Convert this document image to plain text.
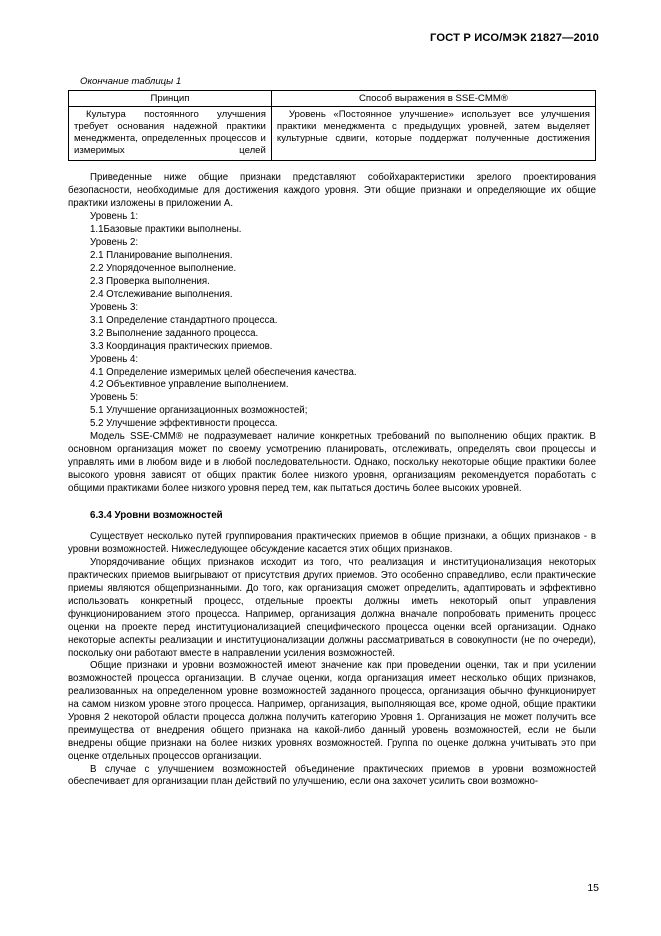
ГОСТ Р ИСО/МЭК 21827—2010
Окончание таблицы 1
Принцип	Способ выражения в SSE-CMM®
Культура постоянного улучшения требует основания надежной практики менеджмента, определенных процессов и измеримых целей	Уровень «Постоянное улучшение» использует все улучшения практики менеджмента с предыдущих уровней, затем выделяет культурные сдвиги, которые поддержат полученные достижения

Приведенные ниже общие признаки представляют собойхарактеристики зрелого проектирования безопасности, необходимые для достижения каждого уровня. Эти общие признаки и определяющие их общие практики изложены в приложении А.

Уровень 1:
1.1Базовые практики выполнены.
Уровень 2:
2.1 Планирование выполнения.
2.2 Упорядоченное выполнение.
2.3 Проверка выполнения.
2.4 Отслеживание выполнения.
Уровень 3:
3.1 Определение стандартного процесса.
3.2 Выполнение заданного процесса.
3.3 Координация практических приемов.
Уровень 4:
4.1 Определение измеримых целей обеспечения качества.
4.2 Объективное управление выполнением.
Уровень 5:
5.1 Улучшение организационных возможностей;
5.2 Улучшение эффективности процесса.

Модель SSE-CMM® не подразумевает наличие конкретных требований по выполнению общих практик. В основном организация может по своему усмотрению планировать, отслеживать, определять свои процессы и управлять ими в любом виде и в любой последовательности. Однако, поскольку некоторые общие практики более высокого уровня зависят от общих практик более низкого уровня, организациям рекомендуется поработать с общими практиками более низкого уровня перед тем, как пытаться достичь более высоких уровней.

6.3.4 Уровни возможностей

Существует несколько путей группирования практических приемов в общие признаки, а общих признаков - в уровни возможностей. Нижеследующее обсуждение касается этих общих признаков.

Упорядочивание общих признаков исходит из того, что реализация и институционализация некоторых практических приемов выигрывают от присутствия других приемов. Это особенно справедливо, если практические приемы являются общепризнанными. До того, как организация сможет определить, адаптировать и эффективно использовать конкретный процесс, отдельные проекты должны иметь некоторый опыт управления функционированием этого процесса. Например, организация должна вначале попробовать применить процесс оценки на проекте перед институционализацией специфического процесса оценки всей организации. Однако некоторые аспекты реализации и институционализации должны рассматриваться в совокупности (не по очереди), поскольку они работают вместе в направлении усиления возможностей.

Общие признаки и уровни возможностей имеют значение как при проведении оценки, так и при усилении возможностей процесса организации. В случае оценки, когда организация имеет несколько общих признаков, реализованных на определенном уровне возможностей заданного процесса, организация обычно функционирует на самом низком уровне этого процесса. Например, организация, выполняющая все, кроме одной, общие практики Уровня 2 некоторой области процесса должна получить категорию Уровня 1. Организация не может получить все преимущества от внедрения общего признака на какой-либо данный уровень возможностей, если не были внедрены общие признаки на более низких уровнях возможностей. Группа по оценке должна учитывать это при оценке отдельных процессов организации.

В случае с улучшением возможностей объединение практических приемов в уровни возможностей обеспечивает для организации план действий по улучшению, если она захочет усилить свои возможно-

15
